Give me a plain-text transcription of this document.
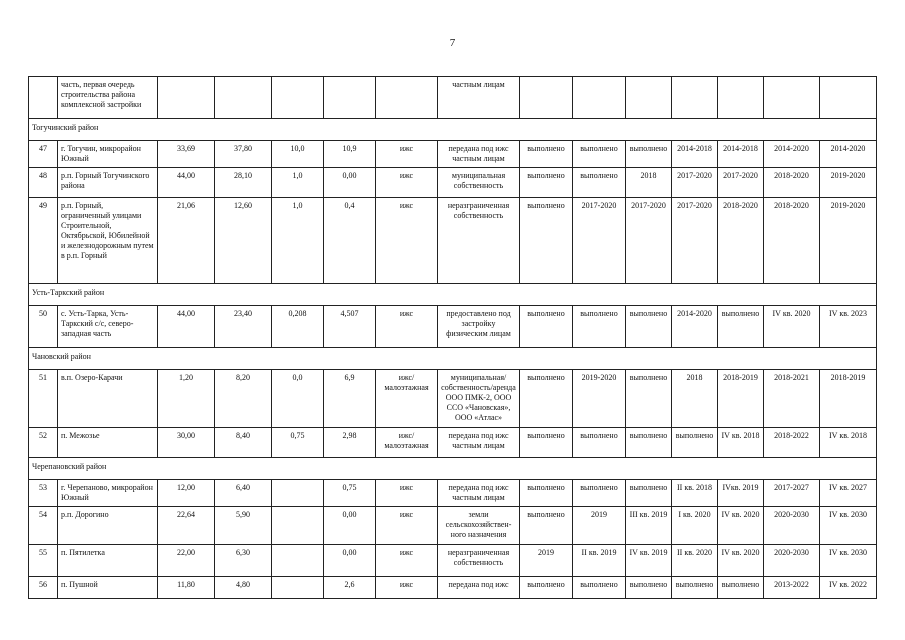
7
	часть, первая очередь строительства района комплексной застройки						частным лицам							
Тогучинский район														
47	г. Тогучин, микрорайон Южный	33,69	37,80	10,0	10,9	ижс	передана под ижс частным лицам	выполнено	выполнено	выполнено	2014-2018	2014-2018	2014-2020	2014-2020
48	р.п. Горный Тогучинского района	44,00	28,10	1,0	0,00	ижс	муниципальная собственность	выполнено	выполнено	2018	2017-2020	2017-2020	2018-2020	2019-2020
49	р.п. Горный, ограниченный улицами Строительной, Октябрьской, Юбилейной и железнодорожным путем в р.п. Горный	21,06	12,60	1,0	0,4	ижс	неразграниченная собственность	выполнено	2017-2020	2017-2020	2017-2020	2018-2020	2018-2020	2019-2020
Усть-Таркский район														
50	с. Усть-Тарка, Усть-Таркский с/с, северо-западная часть	44,00	23,40	0,208	4,507	ижс	предоставлено под застройку физическим лицам	выполнено	выполнено	выполнено	2014-2020	выполнено	IV кв. 2020	IV кв. 2023
Чановский район														
51	в.п. Озеро-Карачи	1,20	8,20	0,0	6,9	ижс/малоэтажная	муниципальная/ собственность/аренда ООО ПМК-2, ООО ССО «Чановская», ООО «Атлас»	выполнено	2019-2020	выполнено	2018	2018-2019	2018-2021	2018-2019
52	п. Межозье	30,00	8,40	0,75	2,98	ижс/малоэтажная	передана под ижс частным лицам	выполнено	выполнено	выполнено	выполнено	IV кв. 2018	2018-2022	IV кв. 2018
Черепановский район														
53	г. Черепаново, микрорайон Южный	12,00	6,40		0,75	ижс	передана под ижс частным лицам	выполнено	выполнено	выполнено	II кв. 2018	IVкв. 2019	2017-2027	IV кв. 2027
54	р.п. Дорогино	22,64	5,90		0,00	ижс	земли сельскохозяйствен-ного назначения	выполнено	2019	III кв. 2019	I кв. 2020	IV кв. 2020	2020-2030	IV кв. 2030
55	п. Пятилетка	22,00	6,30		0,00	ижс	неразграниченная собственность	2019	II кв. 2019	IV кв. 2019	II кв. 2020	IV кв. 2020	2020-2030	IV кв. 2030
56	п. Пушной	11,80	4,80		2,6	ижс	передана под ижс	выполнено	выполнено	выполнено	выполнено	выполнено	2013-2022	IV кв. 2022
